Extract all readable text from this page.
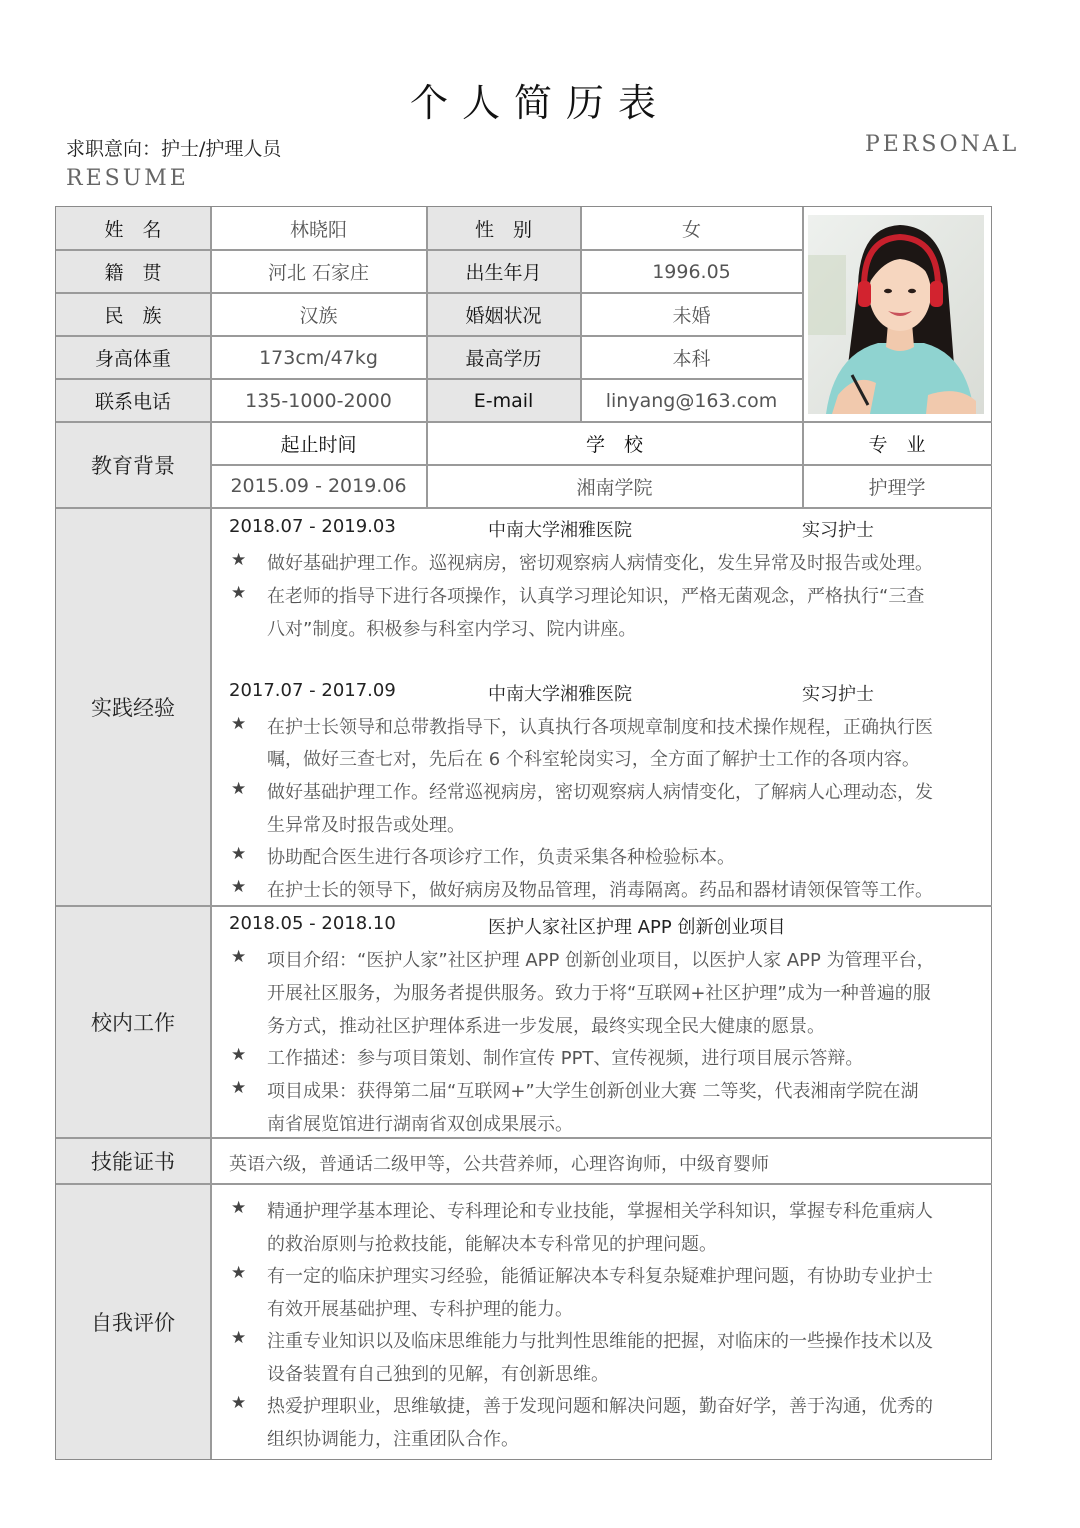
个人简历表
求职意向：护士/护理人员	PERSONAL
RESUME
姓　名	林晓阳	性　别	女
籍　贯	河北 石家庄	出生年月	1996.05
民　族	汉族	婚姻状况	未婚
身高体重	173cm/47kg	最高学历	本科
联系电话	135-1000-2000	E-mail	linyang@163.com
教育背景
起止时间	学　校	专　业
2015.09 - 2019.06	湘南学院	护理学
实践经验
2018.07 - 2019.03	中南大学湘雅医院	实习护士
★ 做好基础护理工作。巡视病房，密切观察病人病情变化，发生异常及时报告或处理。
★ 在老师的指导下进行各项操作，认真学习理论知识，严格无菌观念，严格执行“三查
八对”制度。积极参与科室内学习、院内讲座。
2017.07 - 2017.09	中南大学湘雅医院	实习护士
★ 在护士长领导和总带教指导下，认真执行各项规章制度和技术操作规程，正确执行医
嘱，做好三查七对，先后在 6 个科室轮岗实习，全方面了解护士工作的各项内容。
★ 做好基础护理工作。经常巡视病房，密切观察病人病情变化，了解病人心理动态，发
生异常及时报告或处理。
★ 协助配合医生进行各项诊疗工作，负责采集各种检验标本。
★ 在护士长的领导下，做好病房及物品管理，消毒隔离。药品和器材请领保管等工作。
校内工作
2018.05 - 2018.10	医护人家社区护理 APP 创新创业项目
★ 项目介绍：“医护人家”社区护理 APP 创新创业项目，以医护人家 APP 为管理平台，
开展社区服务，为服务者提供服务。致力于将“互联网+社区护理”成为一种普遍的服
务方式，推动社区护理体系进一步发展，最终实现全民大健康的愿景。
★ 工作描述：参与项目策划、制作宣传 PPT、宣传视频，进行项目展示答辩。
★ 项目成果：获得第二届“互联网+”大学生创新创业大赛 二等奖，代表湘南学院在湖
南省展览馆进行湖南省双创成果展示。
技能证书	英语六级，普通话二级甲等，公共营养师，心理咨询师，中级育婴师
自我评价
★ 精通护理学基本理论、专科理论和专业技能，掌握相关学科知识，掌握专科危重病人
的救治原则与抢救技能，能解决本专科常见的护理问题。
★ 有一定的临床护理实习经验，能循证解决本专科复杂疑难护理问题，有协助专业护士
有效开展基础护理、专科护理的能力。
★ 注重专业知识以及临床思维能力与批判性思维能的把握，对临床的一些操作技术以及
设备装置有自己独到的见解，有创新思维。
★ 热爱护理职业，思维敏捷，善于发现问题和解决问题，勤奋好学，善于沟通，优秀的
组织协调能力，注重团队合作。
